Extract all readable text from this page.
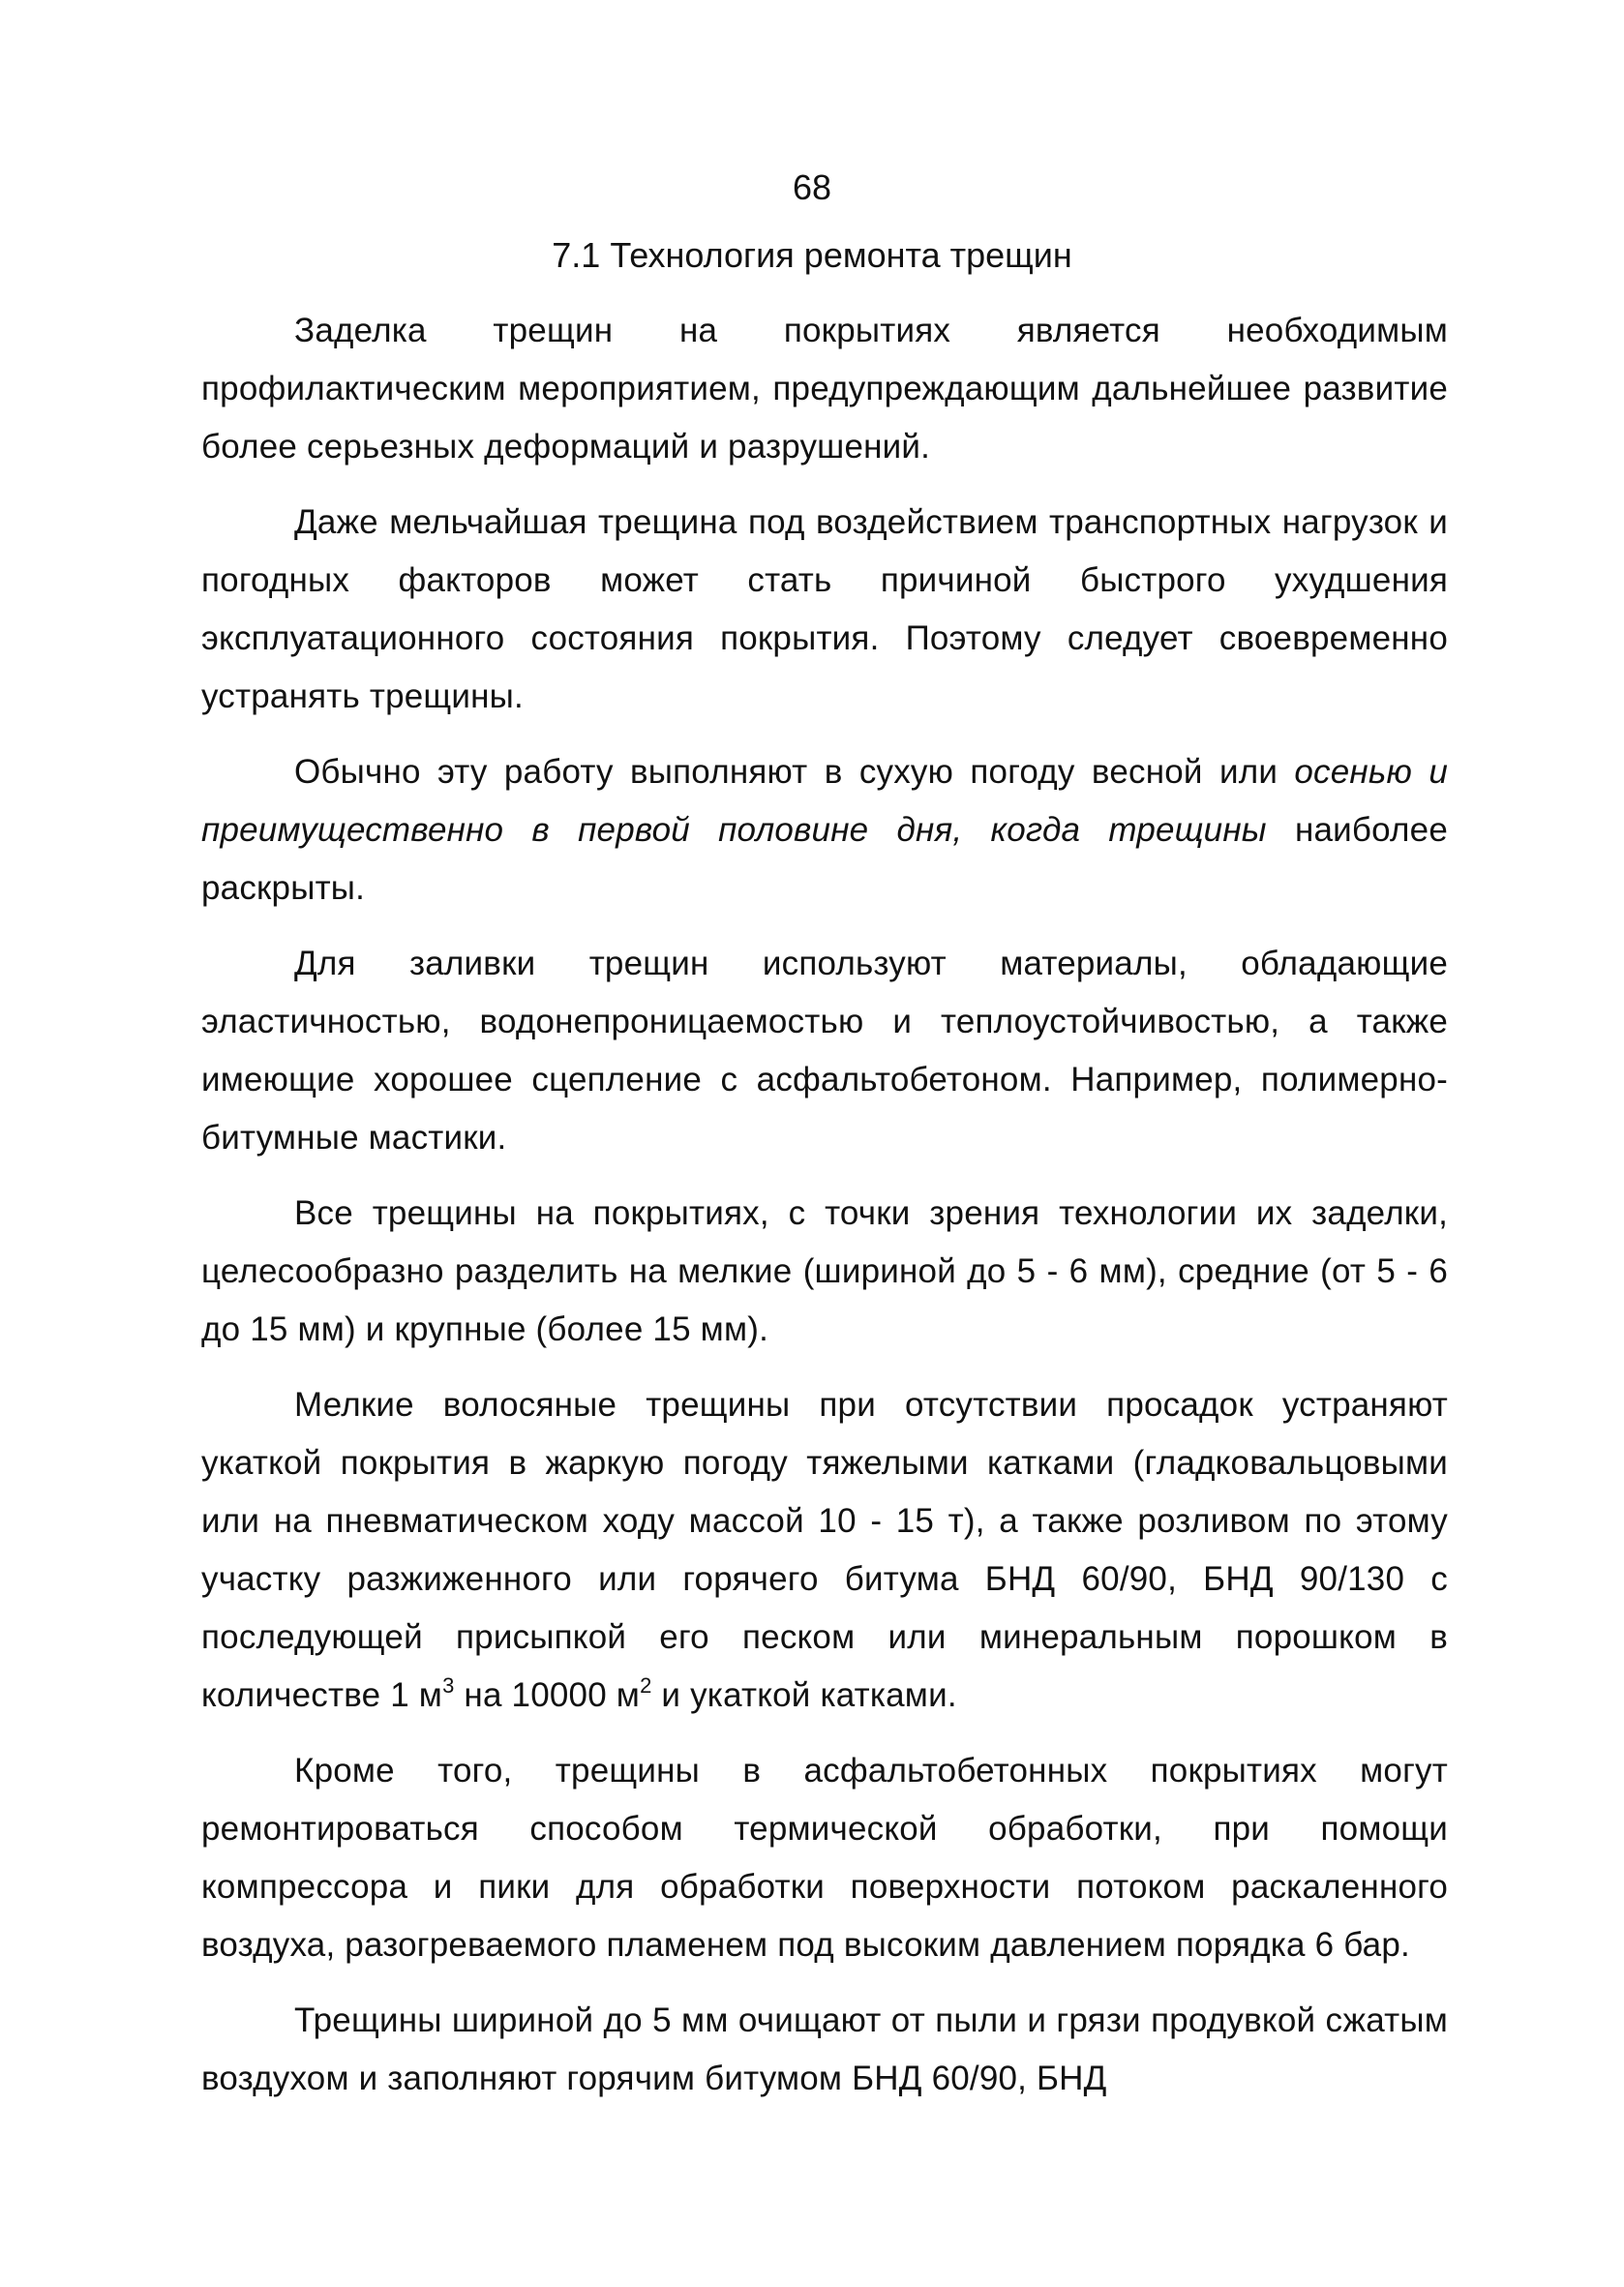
68
7.1 Технология ремонта трещин

Заделка трещин на покрытиях является необходимым профилактическим мероприятием, предупреждающим дальнейшее развитие более серьезных деформаций и разрушений.

Даже мельчайшая трещина под воздействием транспортных нагрузок и погодных факторов может стать причиной быстрого ухудшения эксплуатационного состояния покрытия. Поэтому следует своевременно устранять трещины.

Обычно эту работу выполняют в сухую погоду весной или осенью и преимущественно в первой половине дня, когда трещины наиболее раскрыты.

Для заливки трещин используют материалы, обладающие эластичностью, водонепроницаемостью и теплоустойчивостью, а также имеющие хорошее сцепление с асфальтобетоном. Например, полимерно-битумные мастики.

Все трещины на покрытиях, с точки зрения технологии их заделки, целесообразно разделить на мелкие (шириной до 5 - 6 мм), средние (от 5 - 6 до 15 мм) и крупные (более 15 мм).

Мелкие волосяные трещины при отсутствии просадок устраняют укаткой покрытия в жаркую погоду тяжелыми катками (гладковальцовыми или на пневматическом ходу массой 10 - 15 т), а также розливом по этому участку разжиженного или горячего битума БНД 60/90, БНД 90/130 с последующей присыпкой его песком или минеральным порошком в количестве 1 $м^3$ на 10000 $м^2$ и укаткой катками.

Кроме того, трещины в асфальтобетонных покрытиях могут ремонтироваться способом термической обработки, при помощи компрессора и пики для обработки поверхности потоком раскаленного воздуха, разогреваемого пламенем под высоким давлением порядка 6 бар.

Трещины шириной до 5 мм очищают от пыли и грязи продувкой сжатым воздухом и заполняют горячим битумом БНД 60/90, БНД
